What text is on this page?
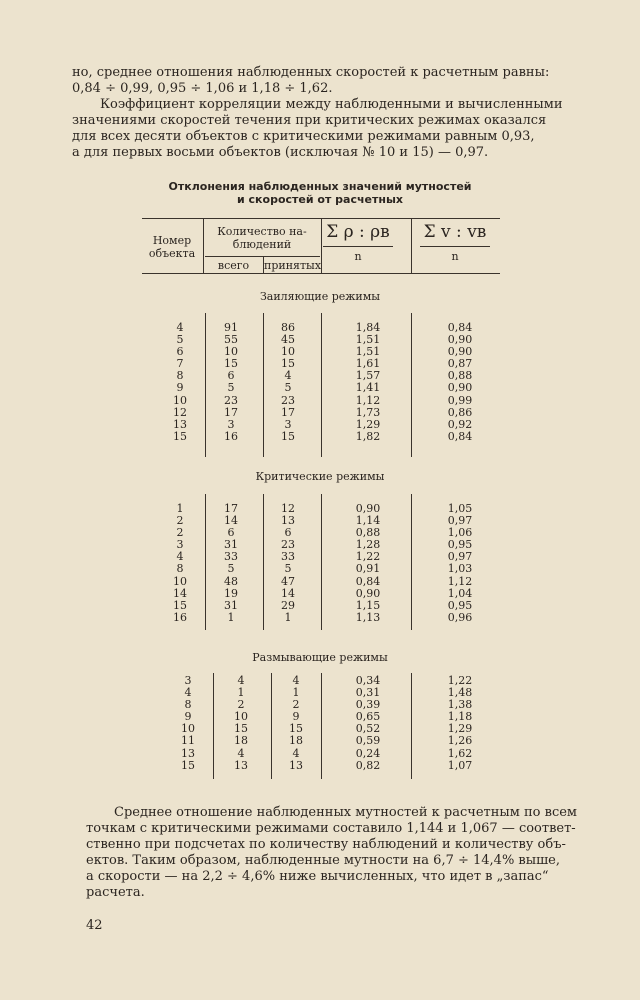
но, среднее отношения наблюденных скоростей к расчетным равны:
0,84 ÷ 0,99, 0,95 ÷ 1,06 и 1,18 ÷ 1,62.
Коэффициент корреляции между наблюденными и вычисленными
значениями скоростей течения при критических режимах оказался
для всех десяти объектов с критическими режимами равным 0,93,
а для первых восьми объектов (исключая № 10 и 15) — 0,97.
Отклонения наблюденных значений мутностей
и скоростей от расчетных
Номер
объекта
Количество на-
блюдений
всего	принятых
Σ ρ : ρв
n
Σ v : vв
n
Заиляющие режимы
Критические режимы
Размывающие режимы
4
5
6
7
8
9
10
12
13
15
91
55
10
15
6
5
23
17
3
16
86
45
10
15
4
5
23
17
3
15
1,84
1,51
1,51
1,61
1,57
1,41
1,12
1,73
1,29
1,82
0,84
0,90
0,90
0,87
0,88
0,90
0,99
0,86
0,92
0,84
1
2
2
3
4
8
10
14
15
16
17
14
6
31
33
5
48
19
31
1
12
13
6
23
33
5
47
14
29
1
0,90
1,14
0,88
1,28
1,22
0,91
0,84
0,90
1,15
1,13
1,05
0,97
1,06
0,95
0,97
1,03
1,12
1,04
0,95
0,96
3
4
8
9
10
11
13
15
4
1
2
10
15
18
4
13
4
1
2
9
15
18
4
13
0,34
0,31
0,39
0,65
0,52
0,59
0,24
0,82
1,22
1,48
1,38
1,18
1,29
1,26
1,62
1,07
Среднее отношение наблюденных мутностей к расчетным по всем
точкам с критическими режимами составило 1,144 и 1,067 — соответ-
ственно при подсчетах по количеству наблюдений и количеству объ-
ектов. Таким образом, наблюденные мутности на 6,7 ÷ 14,4% выше,
а скорости — на 2,2 ÷ 4,6% ниже вычисленных, что идет в „запас“
расчета.
42
